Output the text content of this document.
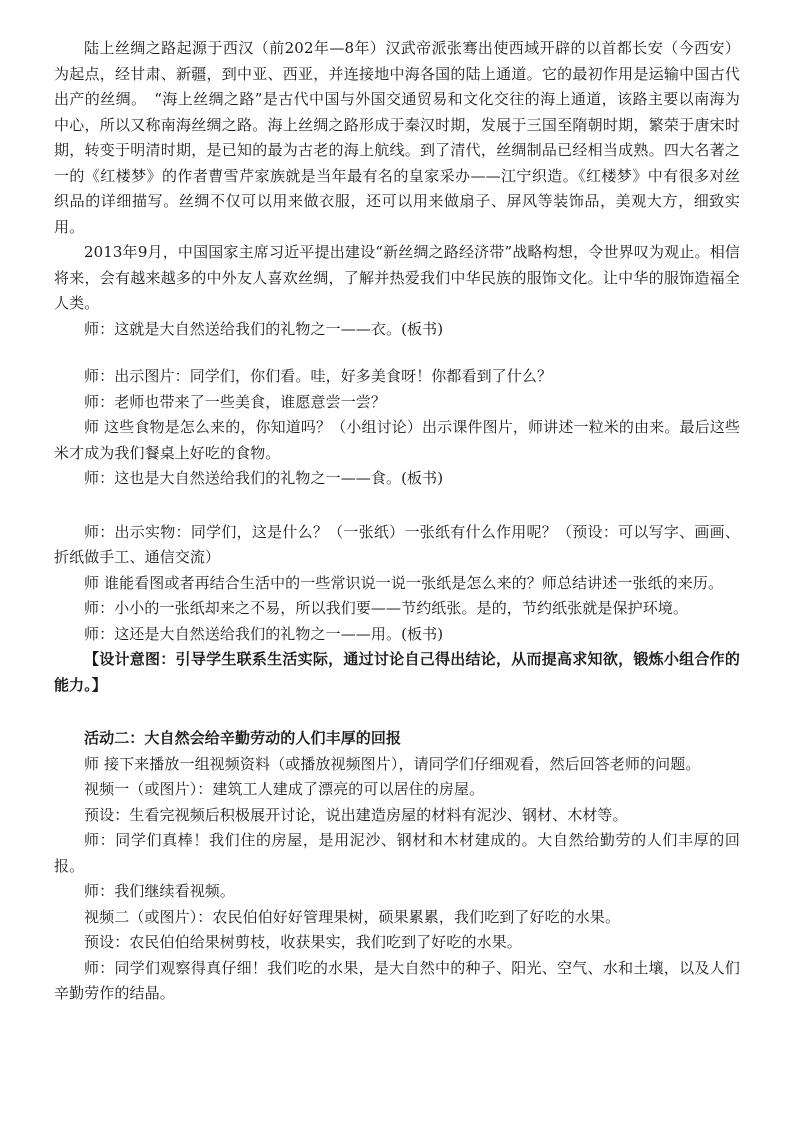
陆上丝绸之路起源于西汉（前202年—8年）汉武帝派张骞出使西域开辟的以首都长安（今西安）为起点，经甘肃、新疆，到中亚、西亚，并连接地中海各国的陆上通道。它的最初作用是运输中国古代出产的丝绸。　“海上丝绸之路”是古代中国与外国交通贸易和文化交往的海上通道，该路主要以南海为中心，所以又称南海丝绸之路。海上丝绸之路形成于秦汉时期，发展于三国至隋朝时期，繁荣于唐宋时期，转变于明清时期，是已知的最为古老的海上航线。到了清代，丝绸制品已经相当成熟。四大名著之一的《红楼梦》的作者曹雪芹家族就是当年最有名的皇家采办——江宁织造。《红楼梦》中有很多对丝织品的详细描写。丝绸不仅可以用来做衣服，还可以用来做扇子、屏风等装饰品，美观大方，细致实用。

2013年9月，中国国家主席习近平提出建设“新丝绸之路经济带”战略构想，令世界叹为观止。相信将来，会有越来越多的中外友人喜欢丝绸，了解并热爱我们中华民族的服饰文化。让中华的服饰造福全人类。

师：这就是大自然送给我们的礼物之一——衣。(板书)

师：出示图片：同学们，你们看。哇，好多美食呀！你都看到了什么？

师：老师也带来了一些美食，谁愿意尝一尝？

师 这些食物是怎么来的，你知道吗？（小组讨论）出示课件图片，师讲述一粒米的由来。最后这些米才成为我们餐桌上好吃的食物。

师：这也是大自然送给我们的礼物之一——食。(板书)

师：出示实物：同学们，这是什么？（一张纸）一张纸有什么作用呢？（预设：可以写字、画画、折纸做手工、通信交流）

师 谁能看图或者再结合生活中的一些常识说一说一张纸是怎么来的？师总结讲述一张纸的来历。

师：小小的一张纸却来之不易，所以我们要——节约纸张。是的，节约纸张就是保护环境。

师：这还是大自然送给我们的礼物之一——用。(板书)

【设计意图：引导学生联系生活实际，通过讨论自己得出结论，从而提高求知欲，锻炼小组合作的能力。】

活动二：大自然会给辛勤劳动的人们丰厚的回报

师 接下来播放一组视频资料（或播放视频图片），请同学们仔细观看，然后回答老师的问题。

视频一（或图片）：建筑工人建成了漂亮的可以居住的房屋。

预设：生看完视频后积极展开讨论，说出建造房屋的材料有泥沙、钢材、木材等。

师：同学们真棒！我们住的房屋，是用泥沙、钢材和木材建成的。大自然给勤劳的人们丰厚的回报。

师：我们继续看视频。

视频二（或图片）：农民伯伯好好管理果树，硕果累累，我们吃到了好吃的水果。

预设：农民伯伯给果树剪枝，收获果实，我们吃到了好吃的水果。

师：同学们观察得真仔细！我们吃的水果，是大自然中的种子、阳光、空气、水和土壤，以及人们辛勤劳作的结晶。
